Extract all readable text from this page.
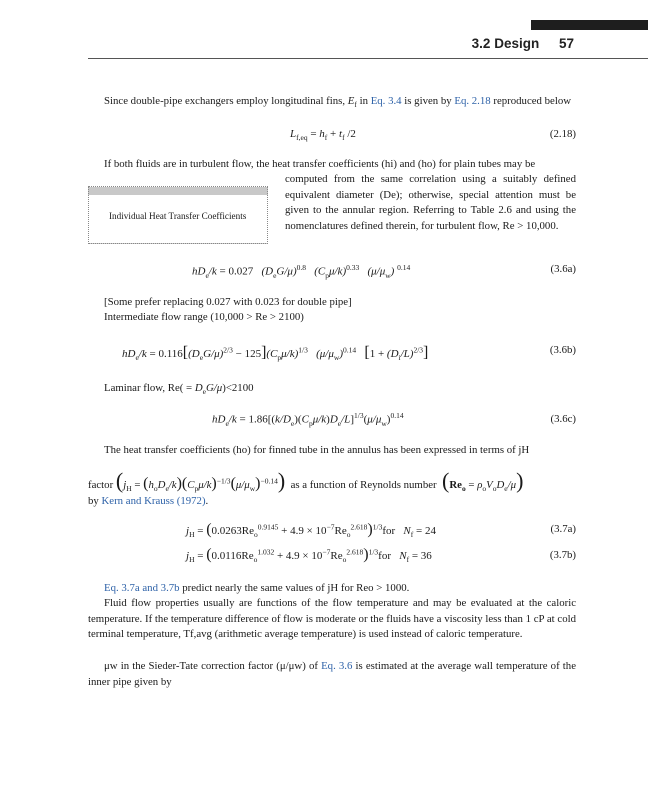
3.2 Design 57
Since double-pipe exchangers employ longitudinal fins, $E_f$ in Eq. 3.4 is given by Eq. 2.18 reproduced below
$L_{f,eq} = h_f + t_f$ /2	(2.18)
If both fluids are in turbulent flow, the heat transfer coefficients (hi) and (ho) for plain tubes may be
computed from the same correlation using a suitably defined equivalent diameter (De); otherwise, special attention must be given to the annular region. Referring to Table 2.6 and using the nomenclatures defined therein, for turbulent flow, Re > 10,000.
Individual Heat Transfer Coefficients
$hD_e/k = 0.027$   $(D_eG/\mu)^{0.8}$   $(C_p\mu/k)^{0.33}$   $(\mu/\mu_w)$ $^{0.14}$	(3.6a)
[Some prefer replacing 0.027 with 0.023 for double pipe]
Intermediate flow range (10,000 > Re > 2100)
$hD_e/k = 0.116[(D_eG/\mu)^{2/3} - 125](C_p\mu/k)^{1/3}$   $(\mu/\mu_w)^{0.14}$ $[1 + (D_i/L)^{2/3}]$	(3.6b)
Laminar flow, $Re( = D_eG/\mu)<2100$
$hD_e/k = 1.86[(k/D_e)(C_p\mu/k)D_e/L]^{1/3}(\mu/\mu_w)^{0.14}$	(3.6c)
The heat transfer coefficients (ho) for finned tube in the annulus has been expressed in terms of jH
factor $(j_H = (h_oD_e/k)(C_p\mu/k)^{-1/3}(\mu/\mu_w)^{-0.14})$ as a function of Reynolds number $(Re_o = \rho_oV_oD_e/\mu)$
by Kern and Krauss (1972).
$j_H = (0.0263Re_o^{0.9145} + 4.9 \times 10^{-7}Re_o^{2.618})^{1/3}for$   $N_f = 24$	(3.7a)
$j_H = (0.0116Re_o^{1.032} + 4.9 \times 10^{-7}Re_o^{2.618})^{1/3}for$   $N_f = 36$	(3.7b)
Eq. 3.7a and 3.7b predict nearly the same values of jH for Reo > 1000.
Fluid flow properties usually are functions of the flow temperature and may be evaluated at the caloric temperature. If the temperature difference of flow is moderate or the fluids have a viscosity less than 1 cP at cold terminal temperature, Tf,avg (arithmetic average temperature) is used instead of caloric temperature.
μw in the Sieder-Tate correction factor (μ/μw) of Eq. 3.6 is estimated at the average wall temperature of the inner pipe given by
